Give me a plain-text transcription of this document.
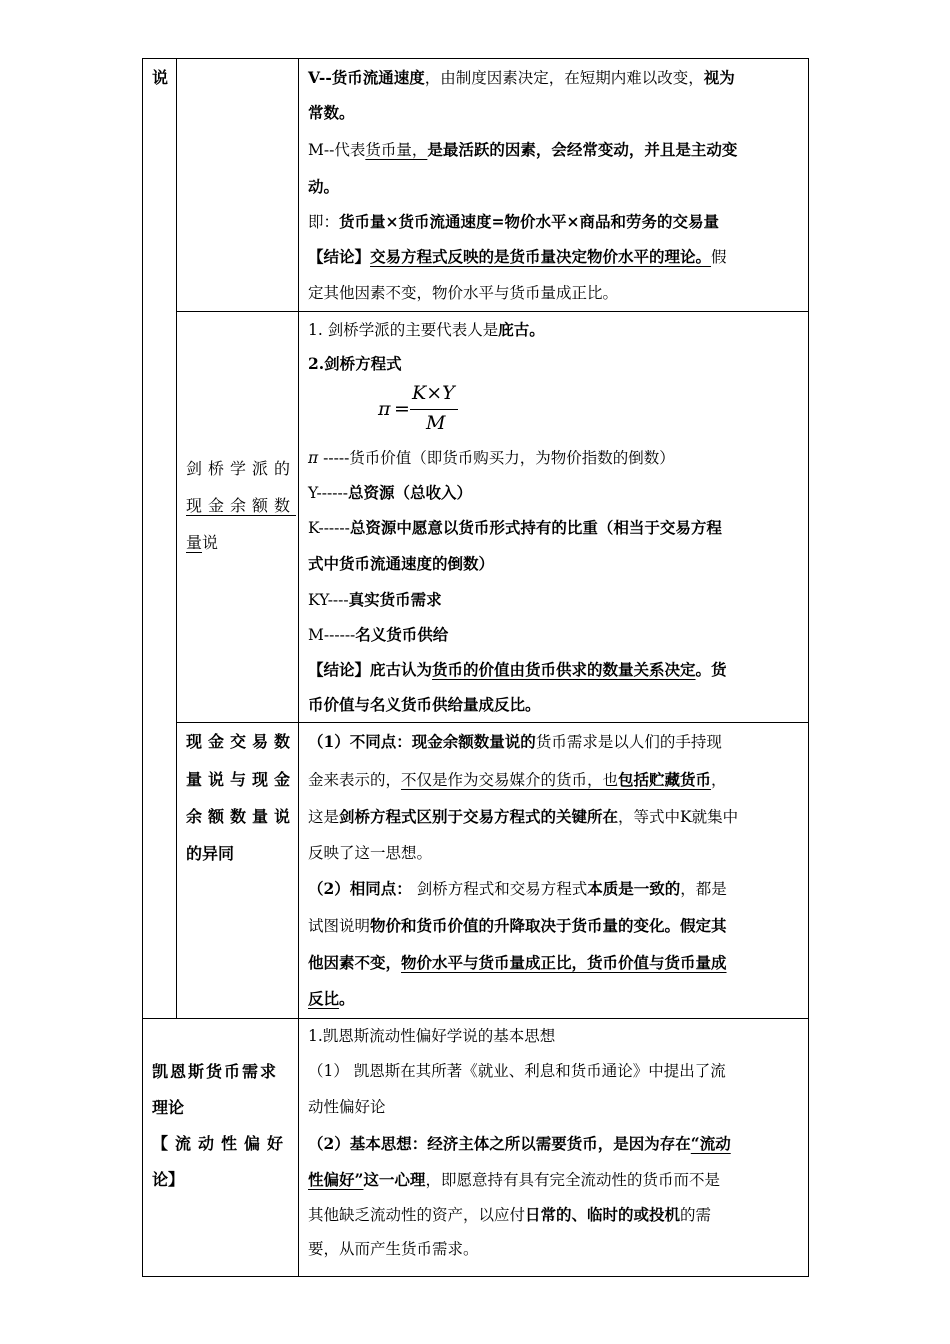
说	V--货币流通速度，由制度因素决定，在短期内难以改变，视为

常数。

M--代表货币量，是最活跃的因素，会经常变动，并且是主动变

动。

即：货币量×货币流通速度=物价水平×商品和劳务的交易量

【结论】交易方程式反映的是货币量决定物价水平的理论。假

定其他因素不变，物价水平与货币量成正比。

剑桥学派的
现金余额数
量说

1. 剑桥学派的主要代表人是庇古。

2.剑桥方程式

π =
K×Y
M

π -----货币价值（即货币购买力，为物价指数的倒数）

Y------总资源（总收入）

K------总资源中愿意以货币形式持有的比重（相当于交易方程

式中货币流通速度的倒数）

KY----真实货币需求

M------名义货币供给

【结论】庇古认为货币的价值由货币供求的数量关系决定。货

币价值与名义货币供给量成反比。

现金交易数
量说与现金
余额数量说
的异同

（1）不同点：现金余额数量说的货币需求是以人们的手持现

金来表示的，不仅是作为交易媒介的货币，也包括贮藏货币，

这是剑桥方程式区别于交易方程式的关键所在，等式中K就集中

反映了这一思想。

（2）相同点： 剑桥方程式和交易方程式本质是一致的，都是

试图说明物价和货币价值的升降取决于货币量的变化。假定其

他因素不变，物价水平与货币量成正比，货币价值与货币量成

反比。

凯恩斯货币需求
理论
【流动性偏好
论】

1.凯恩斯流动性偏好学说的基本思想

（1） 凯恩斯在其所著《就业、利息和货币通论》中提出了流

动性偏好论

（2）基本思想：经济主体之所以需要货币，是因为存在“流动

性偏好”这一心理，即愿意持有具有完全流动性的货币而不是

其他缺乏流动性的资产，以应付日常的、临时的或投机的需

要，从而产生货币需求。
